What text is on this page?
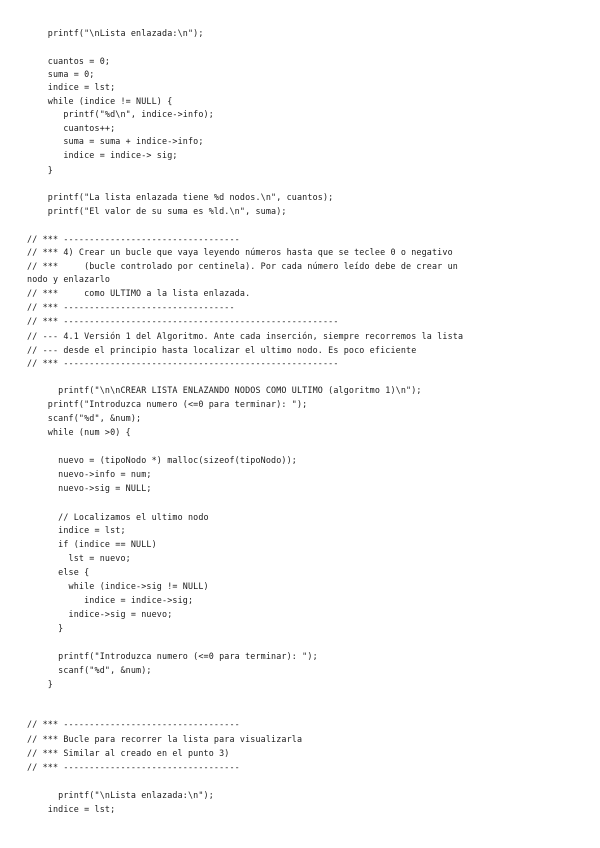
printf("\nLista enlazada:\n");
cuantos = 0;
suma = 0;
indice = lst;
while (indice != NULL) {
printf("%d\n", indice->info);
cuantos++;
suma = suma + indice->info;
indice = indice-> sig;
}
printf("La lista enlazada tiene %d nodos.\n", cuantos);
printf("El valor de su suma es %ld.\n", suma);
// *** ----------------------------------
// *** 4) Crear un bucle que vaya leyendo números hasta que se teclee 0 o negativo
// ***     (bucle controlado por centinela). Por cada número leído debe de crear un
nodo y enlazarlo
// ***     como ULTIMO a la lista enlazada.
// *** ---------------------------------
// *** -----------------------------------------------------
// --- 4.1 Versión 1 del Algoritmo. Ante cada inserción, siempre recorremos la lista
// --- desde el principio hasta localizar el ultimo nodo. Es poco eficiente
// *** -----------------------------------------------------
printf("\n\nCREAR LISTA ENLAZANDO NODOS COMO ULTIMO (algoritmo 1)\n");
printf("Introduzca numero (<=0 para terminar): ");
scanf("%d", &num);
while (num >0) {
nuevo = (tipoNodo *) malloc(sizeof(tipoNodo));
nuevo->info = num;
nuevo->sig = NULL;
// Localizamos el ultimo nodo
indice = lst;
if (indice == NULL)
lst = nuevo;
else {
while (indice->sig != NULL)
indice = indice->sig;
indice->sig = nuevo;
}
printf("Introduzca numero (<=0 para terminar): ");
scanf("%d", &num);
}
// *** ----------------------------------
// *** Bucle para recorrer la lista para visualizarla
// *** Similar al creado en el punto 3)
// *** ----------------------------------
printf("\nLista enlazada:\n");
indice = lst;
